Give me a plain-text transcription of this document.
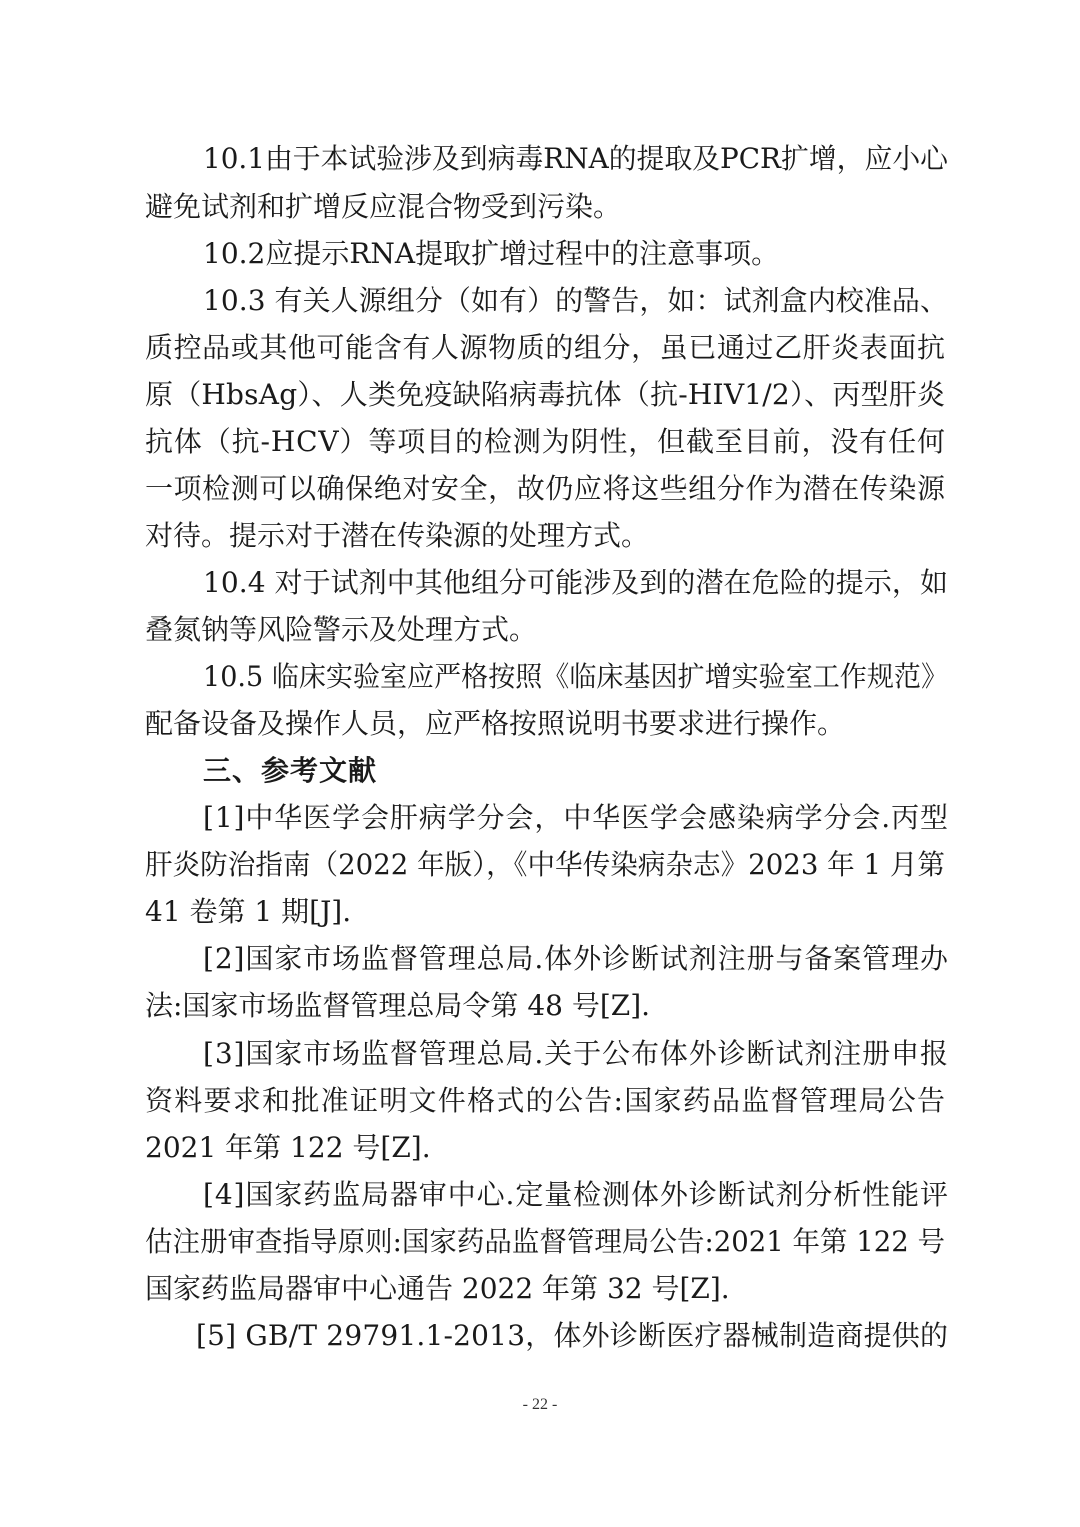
10.1由于本试验涉及到病毒RNA的提取及PCR扩增，应小心
避免试剂和扩增反应混合物受到污染。
10.2应提示RNA提取扩增过程中的注意事项。
10.3 有关人源组分（如有）的警告，如：试剂盒内校准品、
质控品或其他可能含有人源物质的组分，虽已通过乙肝炎表面抗
原（HbsAg）、人类免疫缺陷病毒抗体（抗-HIV1/2）、丙型肝炎
抗体（抗-HCV）等项目的检测为阴性，但截至目前，没有任何
一项检测可以确保绝对安全，故仍应将这些组分作为潜在传染源
对待。提示对于潜在传染源的处理方式。
10.4 对于试剂中其他组分可能涉及到的潜在危险的提示，如
叠氮钠等风险警示及处理方式。
10.5 临床实验室应严格按照《临床基因扩增实验室工作规范》
配备设备及操作人员，应严格按照说明书要求进行操作。
三、参考文献
[1]中华医学会肝病学分会，中华医学会感染病学分会.丙型
肝炎防治指南（2022 年版），《中华传染病杂志》2023 年 1 月第
41 卷第 1 期[J].
[2]国家市场监督管理总局.体外诊断试剂注册与备案管理办
法:国家市场监督管理总局令第 48 号[Z].
[3]国家市场监督管理总局.关于公布体外诊断试剂注册申报
资料要求和批准证明文件格式的公告:国家药品监督管理局公告
2021 年第 122 号[Z].
[4]国家药监局器审中心.定量检测体外诊断试剂分析性能评
估注册审查指导原则:国家药品监督管理局公告:2021 年第 122 号
国家药监局器审中心通告 2022 年第 32 号[Z].
[5] GB/T 29791.1-2013，体外诊断医疗器械制造商提供的
- 22 -
